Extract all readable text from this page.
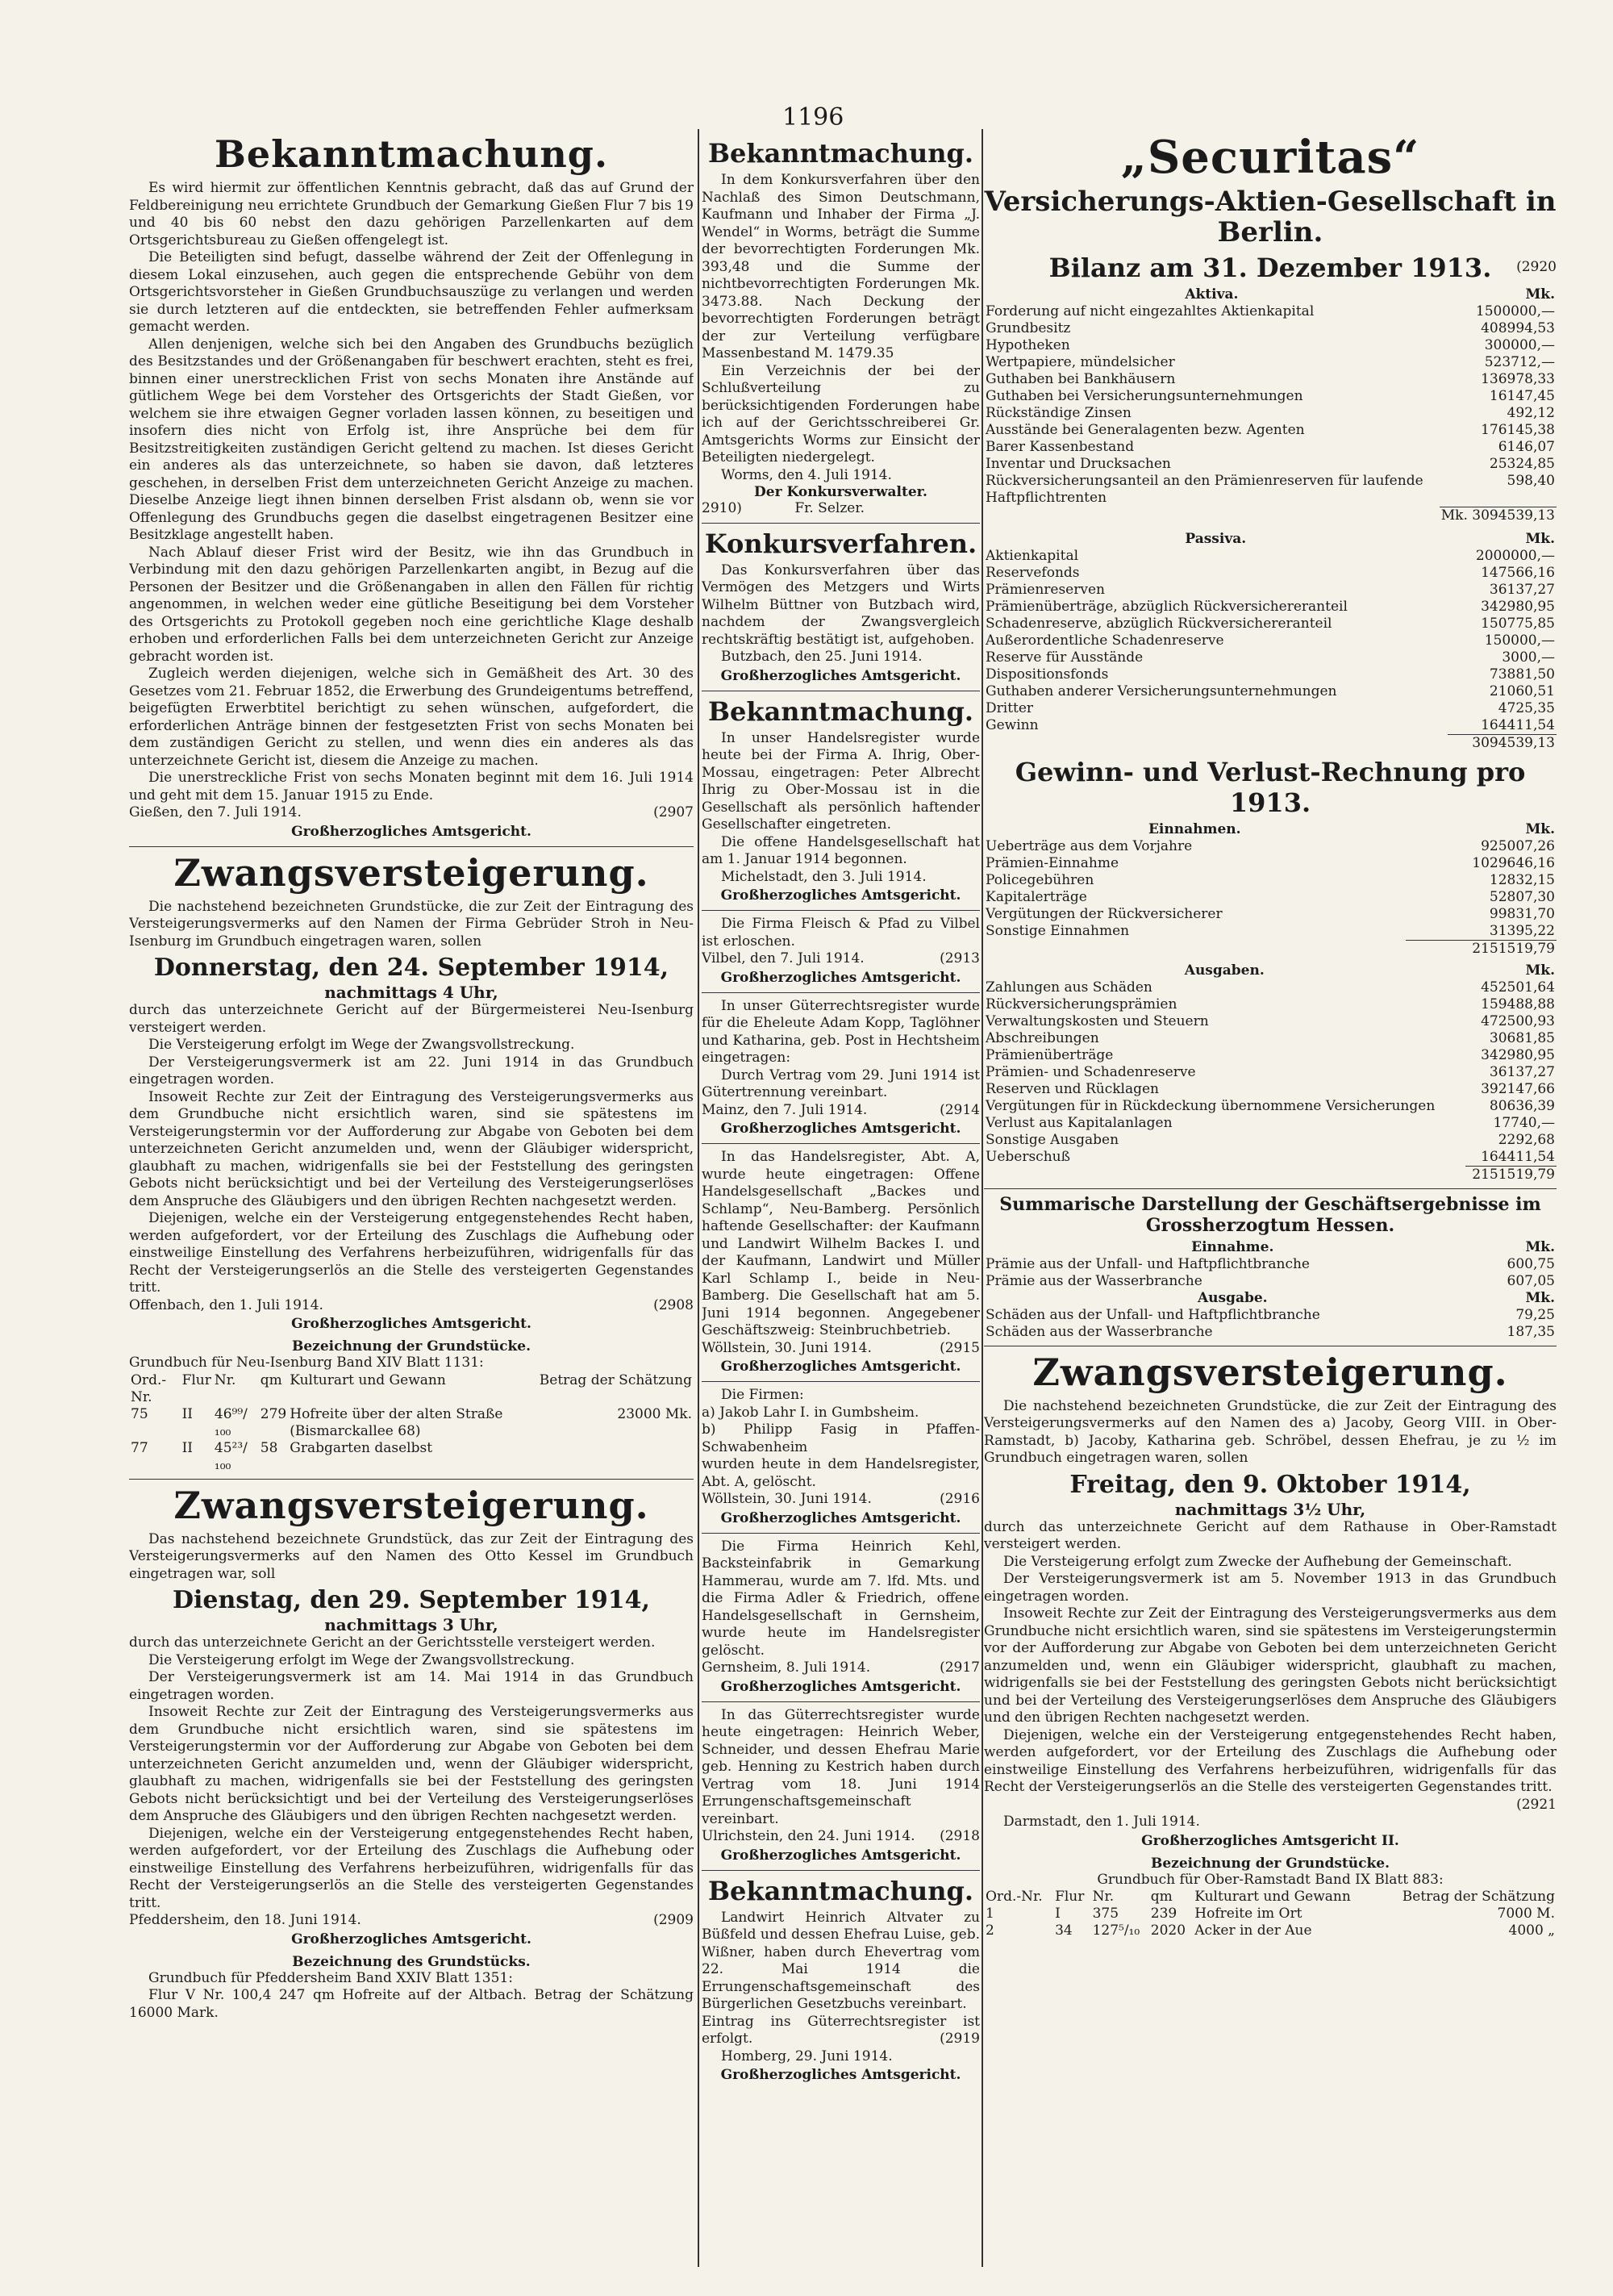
1196
Bekanntmachung.

Es wird hiermit zur öffentlichen Kenntnis gebracht, daß das auf Grund der Feldbereinigung neu errichtete Grundbuch der Gemarkung Gießen Flur 7 bis 19 und 40 bis 60 nebst den dazu gehörigen Parzellenkarten auf dem Ortsgerichtsbureau zu Gießen offengelegt ist.

Die Beteiligten sind befugt, dasselbe während der Zeit der Offenlegung in diesem Lokal einzusehen, auch gegen die entsprechende Gebühr von dem Ortsgerichtsvorsteher in Gießen Grundbuchsauszüge zu verlangen und werden sie durch letzteren auf die entdeckten, sie betreffenden Fehler aufmerksam gemacht werden.

Allen denjenigen, welche sich bei den Angaben des Grundbuchs bezüglich des Besitzstandes und der Größenangaben für beschwert erachten, steht es frei, binnen einer unerstrecklichen Frist von sechs Monaten ihre Anstände auf gütlichem Wege bei dem Vorsteher des Ortsgerichts der Stadt Gießen, vor welchem sie ihre etwaigen Gegner vorladen lassen können, zu beseitigen und insofern dies nicht von Erfolg ist, ihre Ansprüche bei dem für Besitzstreitigkeiten zuständigen Gericht geltend zu machen. Ist dieses Gericht ein anderes als das unterzeichnete, so haben sie davon, daß letzteres geschehen, in derselben Frist dem unterzeichneten Gericht Anzeige zu machen. Dieselbe Anzeige liegt ihnen binnen derselben Frist alsdann ob, wenn sie vor Offenlegung des Grundbuchs gegen die daselbst eingetragenen Besitzer eine Besitzklage angestellt haben.

Nach Ablauf dieser Frist wird der Besitz, wie ihn das Grundbuch in Verbindung mit den dazu gehörigen Parzellenkarten angibt, in Bezug auf die Personen der Besitzer und die Größenangaben in allen den Fällen für richtig angenommen, in welchen weder eine gütliche Beseitigung bei dem Vorsteher des Ortsgerichts zu Protokoll gegeben noch eine gerichtliche Klage deshalb erhoben und erforderlichen Falls bei dem unterzeichneten Gericht zur Anzeige gebracht worden ist.

Zugleich werden diejenigen, welche sich in Gemäßheit des Art. 30 des Gesetzes vom 21. Februar 1852, die Erwerbung des Grundeigentums betreffend, beigefügten Erwerbtitel berichtigt zu sehen wünschen, aufgefordert, die erforderlichen Anträge binnen der festgesetzten Frist von sechs Monaten bei dem zuständigen Gericht zu stellen, und wenn dies ein anderes als das unterzeichnete Gericht ist, diesem die Anzeige zu machen.

Die unerstreckliche Frist von sechs Monaten beginnt mit dem 16. Juli 1914 und geht mit dem 15. Januar 1915 zu Ende.

Gießen, den 7. Juli 1914.	(2907

Großherzogliches Amtsgericht.
Zwangsversteigerung.

Die nachstehend bezeichneten Grundstücke, die zur Zeit der Eintragung des Versteigerungsvermerks auf den Namen der Firma Gebrüder Stroh in Neu-Isenburg im Grundbuch eingetragen waren, sollen

Donnerstag, den 24. September 1914,
nachmittags 4 Uhr,

durch das unterzeichnete Gericht auf der Bürgermeisterei Neu-Isenburg versteigert werden.

Die Versteigerung erfolgt im Wege der Zwangsvollstreckung.

Der Versteigerungsvermerk ist am 22. Juni 1914 in das Grundbuch eingetragen worden.

Insoweit Rechte zur Zeit der Eintragung des Versteigerungsvermerks aus dem Grundbuche nicht ersichtlich waren, sind sie spätestens im Versteigerungstermin vor der Aufforderung zur Abgabe von Geboten bei dem unterzeichneten Gericht anzumelden und, wenn der Gläubiger widerspricht, glaubhaft zu machen, widrigenfalls sie bei der Feststellung des geringsten Gebots nicht berücksichtigt und bei der Verteilung des Versteigerungserlöses dem Anspruche des Gläubigers und den übrigen Rechten nachgesetzt werden.

Diejenigen, welche ein der Versteigerung entgegenstehendes Recht haben, werden aufgefordert, vor der Erteilung des Zuschlags die Aufhebung oder einstweilige Einstellung des Verfahrens herbeizuführen, widrigenfalls für das Recht der Versteigerungserlös an die Stelle des versteigerten Gegenstandes tritt.

Offenbach, den 1. Juli 1914.	(2908

Großherzogliches Amtsgericht.
Bezeichnung der Grundstücke.

Grundbuch für Neu-Isenburg Band XIV Blatt 1131:

Ord.-Nr.	Flur	Nr.	qm	Kulturart und Gewann	Betrag der Schätzung
75	II	46⁹⁹/₁₀₀	279	Hofreite über der alten Straße (Bismarckallee 68)	23000 Mk.
77	II	45²³/₁₀₀	58	Grabgarten daselbst	
Zwangsversteigerung.

Das nachstehend bezeichnete Grundstück, das zur Zeit der Eintragung des Versteigerungsvermerks auf den Namen des Otto Kessel im Grundbuch eingetragen war, soll

Dienstag, den 29. September 1914,
nachmittags 3 Uhr,

durch das unterzeichnete Gericht an der Gerichtsstelle versteigert werden.

Die Versteigerung erfolgt im Wege der Zwangsvollstreckung.

Der Versteigerungsvermerk ist am 14. Mai 1914 in das Grundbuch eingetragen worden.

Insoweit Rechte zur Zeit der Eintragung des Versteigerungsvermerks aus dem Grundbuche nicht ersichtlich waren, sind sie spätestens im Versteigerungstermin vor der Aufforderung zur Abgabe von Geboten bei dem unterzeichneten Gericht anzumelden und, wenn der Gläubiger widerspricht, glaubhaft zu machen, widrigenfalls sie bei der Feststellung des geringsten Gebots nicht berücksichtigt und bei der Verteilung des Versteigerungserlöses dem Anspruche des Gläubigers und den übrigen Rechten nachgesetzt werden.

Diejenigen, welche ein der Versteigerung entgegenstehendes Recht haben, werden aufgefordert, vor der Erteilung des Zuschlags die Aufhebung oder einstweilige Einstellung des Verfahrens herbeizuführen, widrigenfalls für das Recht der Versteigerungserlös an die Stelle des versteigerten Gegenstandes tritt.

Pfeddersheim, den 18. Juni 1914.	(2909

Großherzogliches Amtsgericht.
Bezeichnung des Grundstücks.

Grundbuch für Pfeddersheim Band XXIV Blatt 1351:

Flur V Nr. 100,4 247 qm Hofreite auf der Altbach. Betrag der Schätzung 16000 Mark.

Bekanntmachung.

In dem Konkursverfahren über den Nachlaß des Simon Deutschmann, Kaufmann und Inhaber der Firma „J. Wendel“ in Worms, beträgt die Summe der bevorrechtigten Forderungen Mk. 393,48 und die Summe der nichtbevorrechtigten Forderungen Mk. 3473.88. Nach Deckung der bevorrechtigten Forderungen beträgt der zur Verteilung verfügbare Massenbestand M. 1479.35

Ein Verzeichnis der bei der Schlußverteilung zu berücksichtigenden Forderungen habe ich auf der Gerichtsschreiberei Gr. Amtsgerichts Worms zur Einsicht der Beteiligten niedergelegt.

Worms, den 4. Juli 1914.

Der Konkursverwalter.

2910)	Fr. Selzer.

Konkursverfahren.

Das Konkursverfahren über das Vermögen des Metzgers und Wirts Wilhelm Büttner von Butzbach wird, nachdem der Zwangsvergleich rechtskräftig bestätigt ist, aufgehoben.

Butzbach, den 25. Juni 1914.

Großherzogliches Amtsgericht.
Bekanntmachung.

In unser Handelsregister wurde heute bei der Firma A. Ihrig, Ober-Mossau, eingetragen: Peter Albrecht Ihrig zu Ober-Mossau ist in die Gesellschaft als persönlich haftender Gesellschafter eingetreten.

Die offene Handelsgesellschaft hat am 1. Januar 1914 begonnen.

Michelstadt, den 3. Juli 1914.

Großherzogliches Amtsgericht.

Die Firma Fleisch & Pfad zu Vilbel ist erloschen.

Vilbel, den 7. Juli 1914.	(2913

Großherzogliches Amtsgericht.

In unser Güterrechtsregister wurde für die Eheleute Adam Kopp, Taglöhner und Katharina, geb. Post in Hechtsheim eingetragen:

Durch Vertrag vom 29. Juni 1914 ist Gütertrennung vereinbart.

Mainz, den 7. Juli 1914.	(2914

Großherzogliches Amtsgericht.

In das Handelsregister, Abt. A, wurde heute eingetragen: Offene Handelsgesellschaft „Backes und Schlamp“, Neu-Bamberg. Persönlich haftende Gesellschafter: der Kaufmann und Landwirt Wilhelm Backes I. und der Kaufmann, Landwirt und Müller Karl Schlamp I., beide in Neu-Bamberg. Die Gesellschaft hat am 5. Juni 1914 begonnen. Angegebener Geschäftszweig: Steinbruchbetrieb.

Wöllstein, 30. Juni 1914.	(2915

Großherzogliches Amtsgericht.

Die Firmen:

a) Jakob Lahr I. in Gumbsheim.

b) Philipp Fasig in Pfaffen-Schwabenheim

wurden heute in dem Handelsregister, Abt. A, gelöscht.

Wöllstein, 30. Juni 1914.	(2916

Großherzogliches Amtsgericht.

Die Firma Heinrich Kehl, Backsteinfabrik in Gemarkung Hammerau, wurde am 7. lfd. Mts. und die Firma Adler & Friedrich, offene Handelsgesellschaft in Gernsheim, wurde heute im Handelsregister gelöscht.

Gernsheim, 8. Juli 1914.	(2917

Großherzogliches Amtsgericht.

In das Güterrechtsregister wurde heute eingetragen: Heinrich Weber, Schneider, und dessen Ehefrau Marie geb. Henning zu Kestrich haben durch Vertrag vom 18. Juni 1914 Errungenschaftsgemeinschaft vereinbart.

Ulrichstein, den 24. Juni 1914. (2918

Großherzogliches Amtsgericht.
Bekanntmachung.

Landwirt Heinrich Altvater zu Büßfeld und dessen Ehefrau Luise, geb. Wißner, haben durch Ehevertrag vom 22. Mai 1914 die Errungenschaftsgemeinschaft des Bürgerlichen Gesetzbuchs vereinbart.

Eintrag ins Güterrechtsregister ist erfolgt.	(2919

Homberg, 29. Juni 1914.

Großherzogliches Amtsgericht.
„Securitas“
Versicherungs-Aktien-Gesellschaft in Berlin.
Bilanz am 31. Dezember 1913.	(2920
Aktiva.	Mk.
Forderung auf nicht eingezahltes Aktienkapital	1500000,—
Grundbesitz	408994,53
Hypotheken	300000,—
Wertpapiere, mündelsicher	523712,—
Guthaben bei Bankhäusern	136978,33
Guthaben bei Versicherungsunternehmungen	16147,45
Rückständige Zinsen	492,12
Ausstände bei Generalagenten bezw. Agenten	176145,38
Barer Kassenbestand	6146,07
Inventar und Drucksachen	25324,85
Rückversicherungsanteil an den Prämienreserven für laufende Haftpflichtrenten	598,40
	Mk. 3094539,13
Passiva.	Mk.
Aktienkapital	2000000,—
Reservefonds	147566,16
Prämienreserven	36137,27
Prämienüberträge, abzüglich Rückversichereranteil	342980,95
Schadenreserve, abzüglich Rückversichereranteil	150775,85
Außerordentliche Schadenreserve	150000,—
Reserve für Ausstände	3000,—
Dispositionsfonds	73881,50
Guthaben anderer Versicherungsunternehmungen	21060,51
Dritter	4725,35
Gewinn	164411,54
	3094539,13
Gewinn- und Verlust-Rechnung pro 1913.
Einnahmen.	Mk.
Ueberträge aus dem Vorjahre	925007,26
Prämien-Einnahme	1029646,16
Policegebühren	12832,15
Kapitalerträge	52807,30
Vergütungen der Rückversicherer	99831,70
Sonstige Einnahmen	31395,22
	2151519,79
Ausgaben.	Mk.
Zahlungen aus Schäden	452501,64
Rückversicherungsprämien	159488,88
Verwaltungskosten und Steuern	472500,93
Abschreibungen	30681,85
Prämienüberträge	342980,95
Prämien- und Schadenreserve	36137,27
Reserven und Rücklagen	392147,66
Vergütungen für in Rückdeckung übernommene Versicherungen	80636,39
Verlust aus Kapitalanlagen	17740,—
Sonstige Ausgaben	2292,68
Ueberschuß	164411,54
	2151519,79
Summarische Darstellung der Geschäftsergebnisse im Grossherzogtum Hessen.
Einnahme.	Mk.
Prämie aus der Unfall- und Haftpflichtbranche	600,75
Prämie aus der Wasserbranche	607,05
Ausgabe.	Mk.
Schäden aus der Unfall- und Haftpflichtbranche	79,25
Schäden aus der Wasserbranche	187,35
Zwangsversteigerung.

Die nachstehend bezeichneten Grundstücke, die zur Zeit der Eintragung des Versteigerungsvermerks auf den Namen des a) Jacoby, Georg VIII. in Ober-Ramstadt, b) Jacoby, Katharina geb. Schröbel, dessen Ehefrau, je zu ½ im Grundbuch eingetragen waren, sollen

Freitag, den 9. Oktober 1914,
nachmittags 3½ Uhr,

durch das unterzeichnete Gericht auf dem Rathause in Ober-Ramstadt versteigert werden.

Die Versteigerung erfolgt zum Zwecke der Aufhebung der Gemeinschaft.

Der Versteigerungsvermerk ist am 5. November 1913 in das Grundbuch eingetragen worden.

Insoweit Rechte zur Zeit der Eintragung des Versteigerungsvermerks aus dem Grundbuche nicht ersichtlich waren, sind sie spätestens im Versteigerungstermin vor der Aufforderung zur Abgabe von Geboten bei dem unterzeichneten Gericht anzumelden und, wenn ein Gläubiger widerspricht, glaubhaft zu machen, widrigenfalls sie bei der Feststellung des geringsten Gebots nicht berücksichtigt und bei der Verteilung des Versteigerungserlöses dem Anspruche des Gläubigers und den übrigen Rechten nachgesetzt werden.

Diejenigen, welche ein der Versteigerung entgegenstehendes Recht haben, werden aufgefordert, vor der Erteilung des Zuschlags die Aufhebung oder einstweilige Einstellung des Verfahrens herbeizuführen, widrigenfalls für das Recht der Versteigerungserlös an die Stelle des versteigerten Gegenstandes tritt.

(2921

Darmstadt, den 1. Juli 1914.

Großherzogliches Amtsgericht II.
Bezeichnung der Grundstücke.

Grundbuch für Ober-Ramstadt Band IX Blatt 883:

Ord.-Nr.	Flur	Nr.	qm	Kulturart und Gewann	Betrag der Schätzung
1	I	375	239	Hofreite im Ort	7000 M.
2	34	127⁵/₁₀	2020	Acker in der Aue	4000 „
